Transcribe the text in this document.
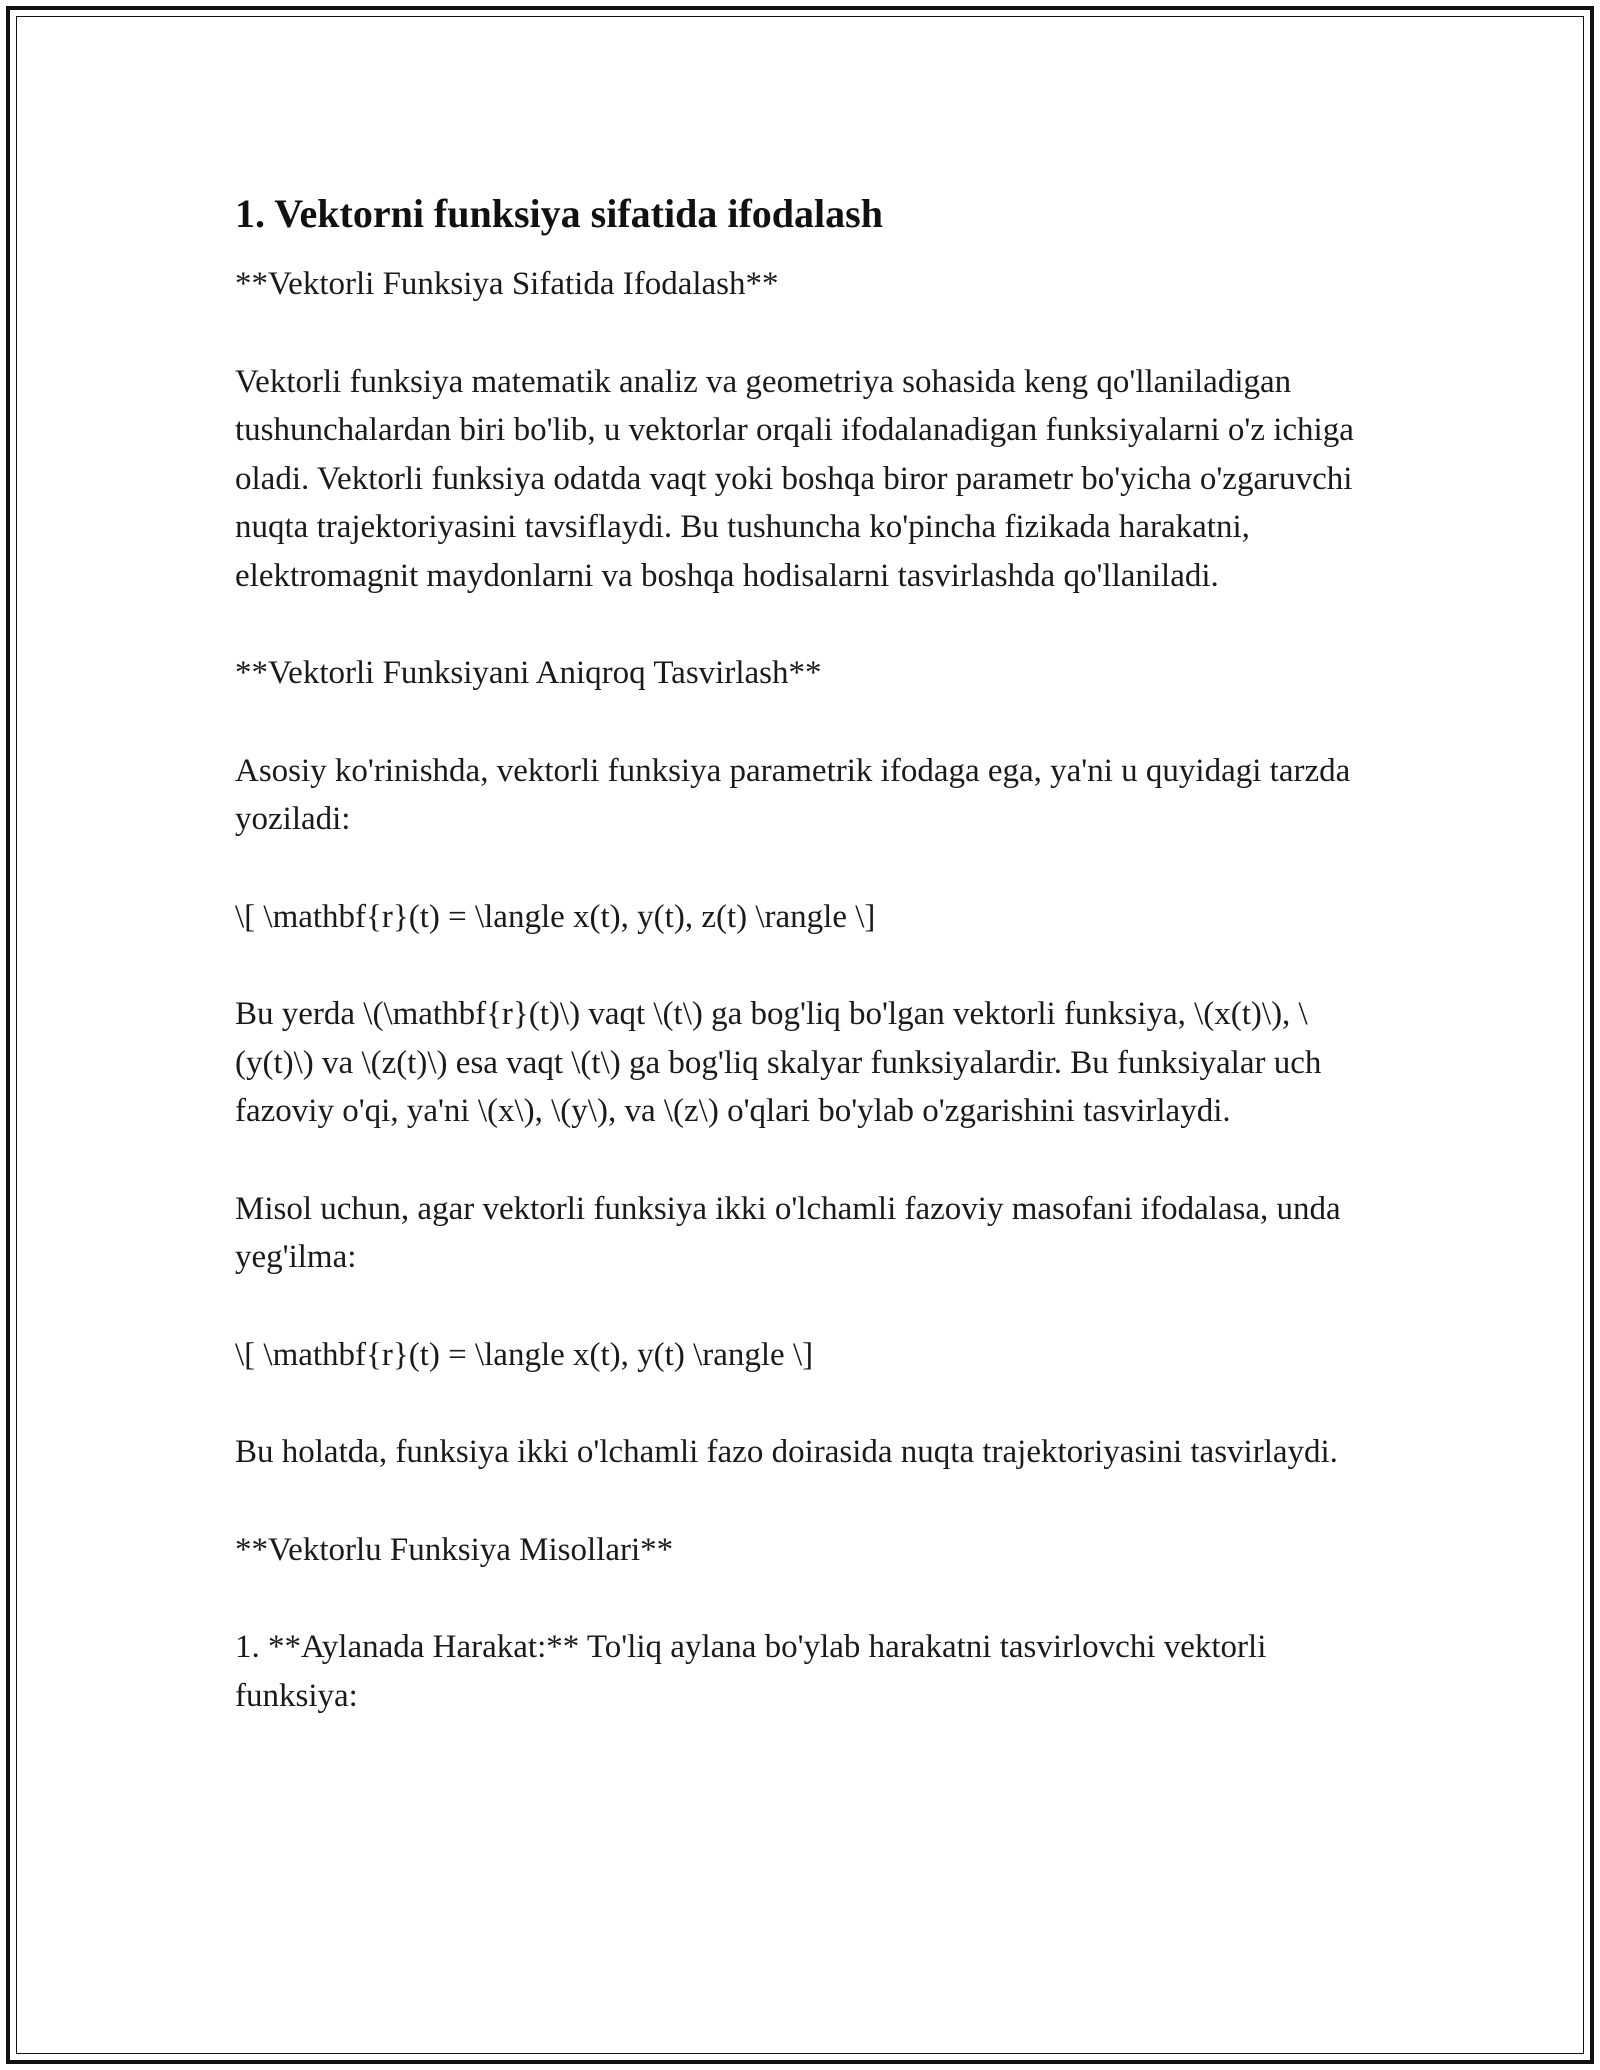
1. Vektorni funksiya sifatida ifodalash

**Vektorli Funksiya Sifatida Ifodalash**

Vektorli funksiya matematik analiz va geometriya sohasida keng qo'llaniladigan tushunchalardan biri bo'lib, u vektorlar orqali ifodalanadigan funksiyalarni o'z ichiga oladi. Vektorli funksiya odatda vaqt yoki boshqa biror parametr bo'yicha o'zgaruvchi nuqta trajektoriyasini tavsiflaydi. Bu tushuncha ko'pincha fizikada harakatni, elektromagnit maydonlarni va boshqa hodisalarni tasvirlashda qo'llaniladi.

**Vektorli Funksiyani Aniqroq Tasvirlash**

Asosiy ko'rinishda, vektorli funksiya parametrik ifodaga ega, ya'ni u quyidagi tarzda yoziladi:

\[ \mathbf{r}(t) = \langle x(t), y(t), z(t) \rangle \]

Bu yerda \(\mathbf{r}(t)\) vaqt \(t\) ga bog'liq bo'lgan vektorli funksiya, \(x(t)\), \(y(t)\) va \(z(t)\) esa vaqt \(t\) ga bog'liq skalyar funksiyalardir. Bu funksiyalar uch fazoviy o'qi, ya'ni \(x\), \(y\), va \(z\) o'qlari bo'ylab o'zgarishini tasvirlaydi.

Misol uchun, agar vektorli funksiya ikki o'lchamli fazoviy masofani ifodalasa, unda yeg'ilma:

\[ \mathbf{r}(t) = \langle x(t), y(t) \rangle \]

Bu holatda, funksiya ikki o'lchamli fazo doirasida nuqta trajektoriyasini tasvirlaydi.

**Vektorlu Funksiya Misollari**

1. **Aylanada Harakat:** To'liq aylana bo'ylab harakatni tasvirlovchi vektorli funksiya:
